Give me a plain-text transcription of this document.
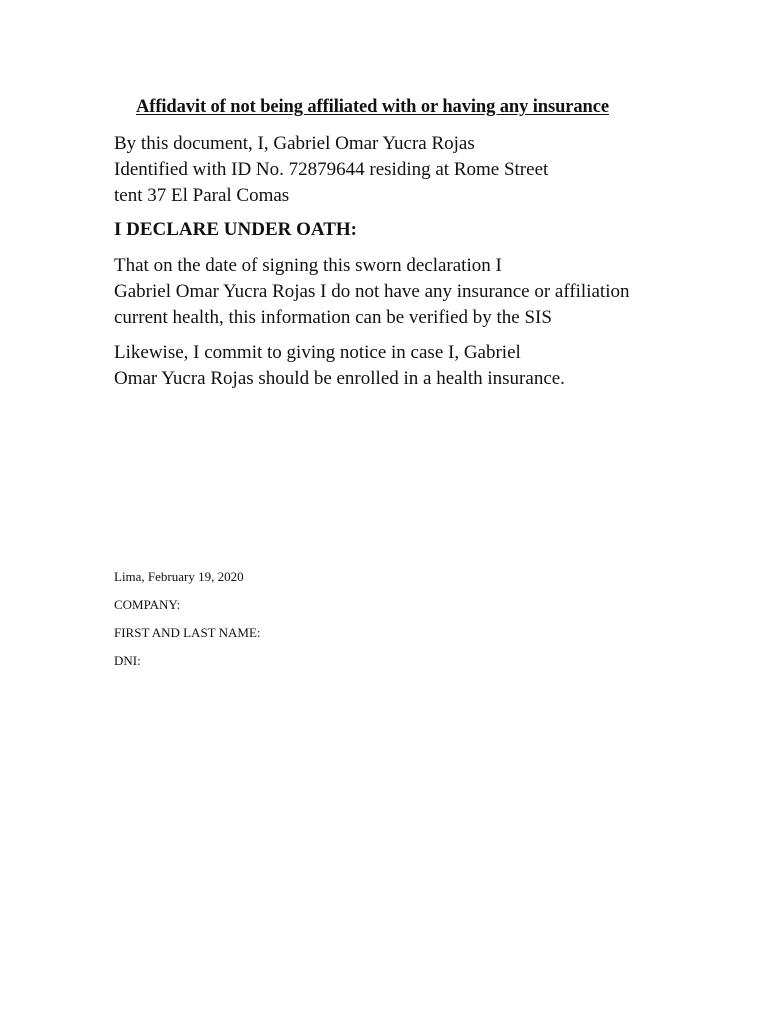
Affidavit of not being affiliated with or having any insurance
By this document, I, Gabriel Omar Yucra Rojas
Identified with ID No. 72879644 residing at Rome Street
tent 37 El Paral Comas
I DECLARE UNDER OATH:
That on the date of signing this sworn declaration I
Gabriel Omar Yucra Rojas I do not have any insurance or affiliation
current health, this information can be verified by the SIS
Likewise, I commit to giving notice in case I, Gabriel
Omar Yucra Rojas should be enrolled in a health insurance.
Lima, February 19, 2020
COMPANY:
FIRST AND LAST NAME:
DNI:
